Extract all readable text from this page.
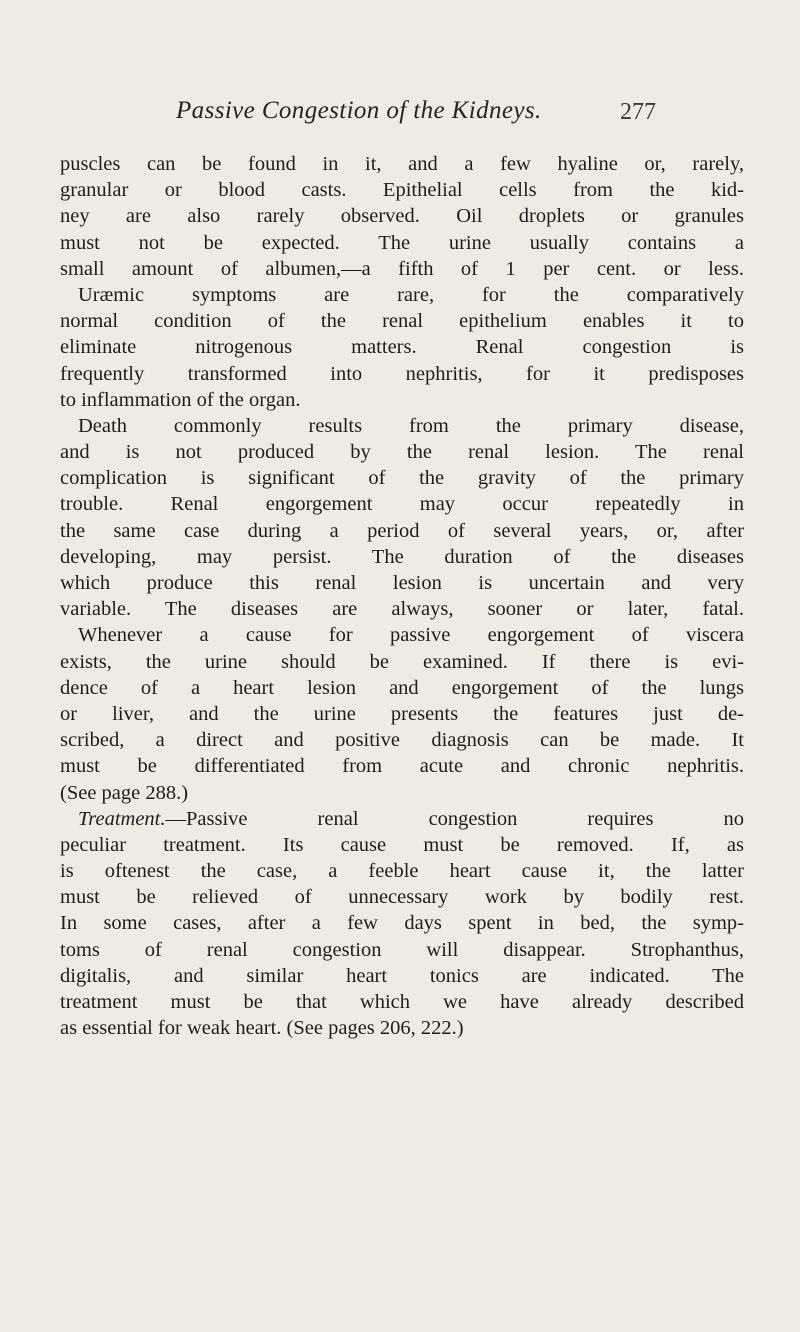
Passive Congestion of the Kidneys.	277
puscles can be found in it, and a few hyaline or, rarely,
granular or blood casts. Epithelial cells from the kid-
ney are also rarely observed. Oil droplets or granules
must not be expected. The urine usually contains a
small amount of albumen,—a fifth of 1 per cent. or less.
Uræmic symptoms are rare, for the comparatively
normal condition of the renal epithelium enables it to
eliminate nitrogenous matters. Renal congestion is
frequently transformed into nephritis, for it predisposes
to inflammation of the organ.
Death commonly results from the primary disease,
and is not produced by the renal lesion. The renal
complication is significant of the gravity of the primary
trouble. Renal engorgement may occur repeatedly in
the same case during a period of several years, or, after
developing, may persist. The duration of the diseases
which produce this renal lesion is uncertain and very
variable. The diseases are always, sooner or later, fatal.
Whenever a cause for passive engorgement of viscera
exists, the urine should be examined. If there is evi-
dence of a heart lesion and engorgement of the lungs
or liver, and the urine presents the features just de-
scribed, a direct and positive diagnosis can be made. It
must be differentiated from acute and chronic nephritis.
(See page 288.)
Treatment.—Passive renal congestion requires no
peculiar treatment. Its cause must be removed. If, as
is oftenest the case, a feeble heart cause it, the latter
must be relieved of unnecessary work by bodily rest.
In some cases, after a few days spent in bed, the symp-
toms of renal congestion will disappear. Strophanthus,
digitalis, and similar heart tonics are indicated. The
treatment must be that which we have already described
as essential for weak heart. (See pages 206, 222.)
